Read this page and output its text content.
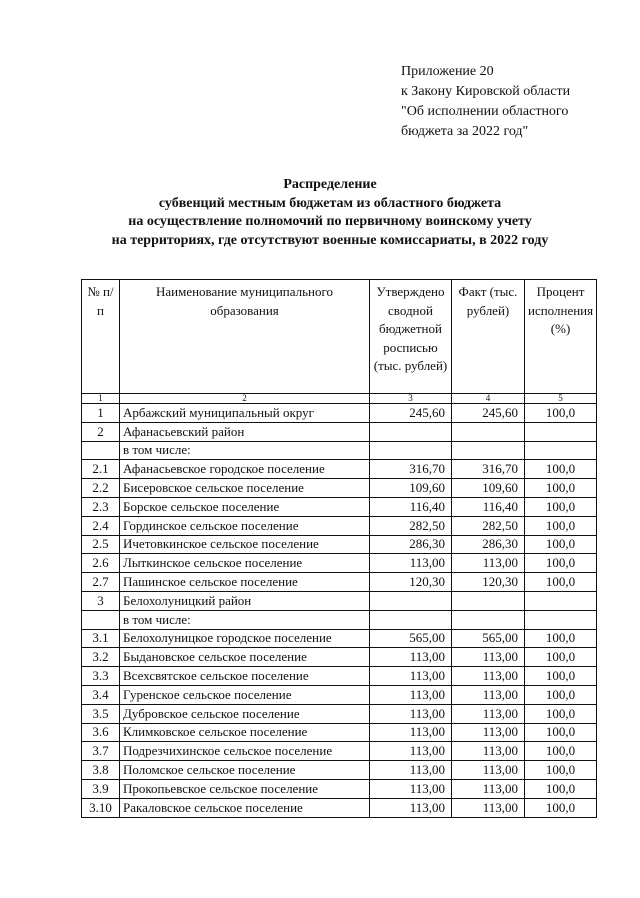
Приложение 20
к Закону Кировской области
"Об исполнении областного
бюджета за 2022 год"
Распределение
субвенций местным бюджетам из областного бюджета
на осуществление полномочий по первичному воинскому учету
на территориях, где отсутствуют военные комиссариаты, в 2022 году
№ п/п	Наименование муниципального образования	Утверждено сводной бюджетной росписью (тыс. рублей)	Факт (тыс. рублей)	Процент исполнения (%)
1	2	3	4	5
1	Арбажский муниципальный округ	245,60	245,60	100,0
2	Афанасьевский район			
	в том числе:			
2.1	Афанасьевское городское поселение	316,70	316,70	100,0
2.2	Бисеровское сельское поселение	109,60	109,60	100,0
2.3	Борское сельское поселение	116,40	116,40	100,0
2.4	Гординское сельское поселение	282,50	282,50	100,0
2.5	Ичетовкинское сельское поселение	286,30	286,30	100,0
2.6	Лыткинское сельское поселение	113,00	113,00	100,0
2.7	Пашинское сельское поселение	120,30	120,30	100,0
3	Белохолуницкий район			
	в том числе:			
3.1	Белохолуницкое городское поселение	565,00	565,00	100,0
3.2	Быдановское сельское поселение	113,00	113,00	100,0
3.3	Всехсвятское сельское поселение	113,00	113,00	100,0
3.4	Гуренское сельское поселение	113,00	113,00	100,0
3.5	Дубровское сельское поселение	113,00	113,00	100,0
3.6	Климковское сельское поселение	113,00	113,00	100,0
3.7	Подрезчихинское сельское поселение	113,00	113,00	100,0
3.8	Поломское сельское поселение	113,00	113,00	100,0
3.9	Прокопьевское сельское поселение	113,00	113,00	100,0
3.10	Ракаловское сельское поселение	113,00	113,00	100,0
